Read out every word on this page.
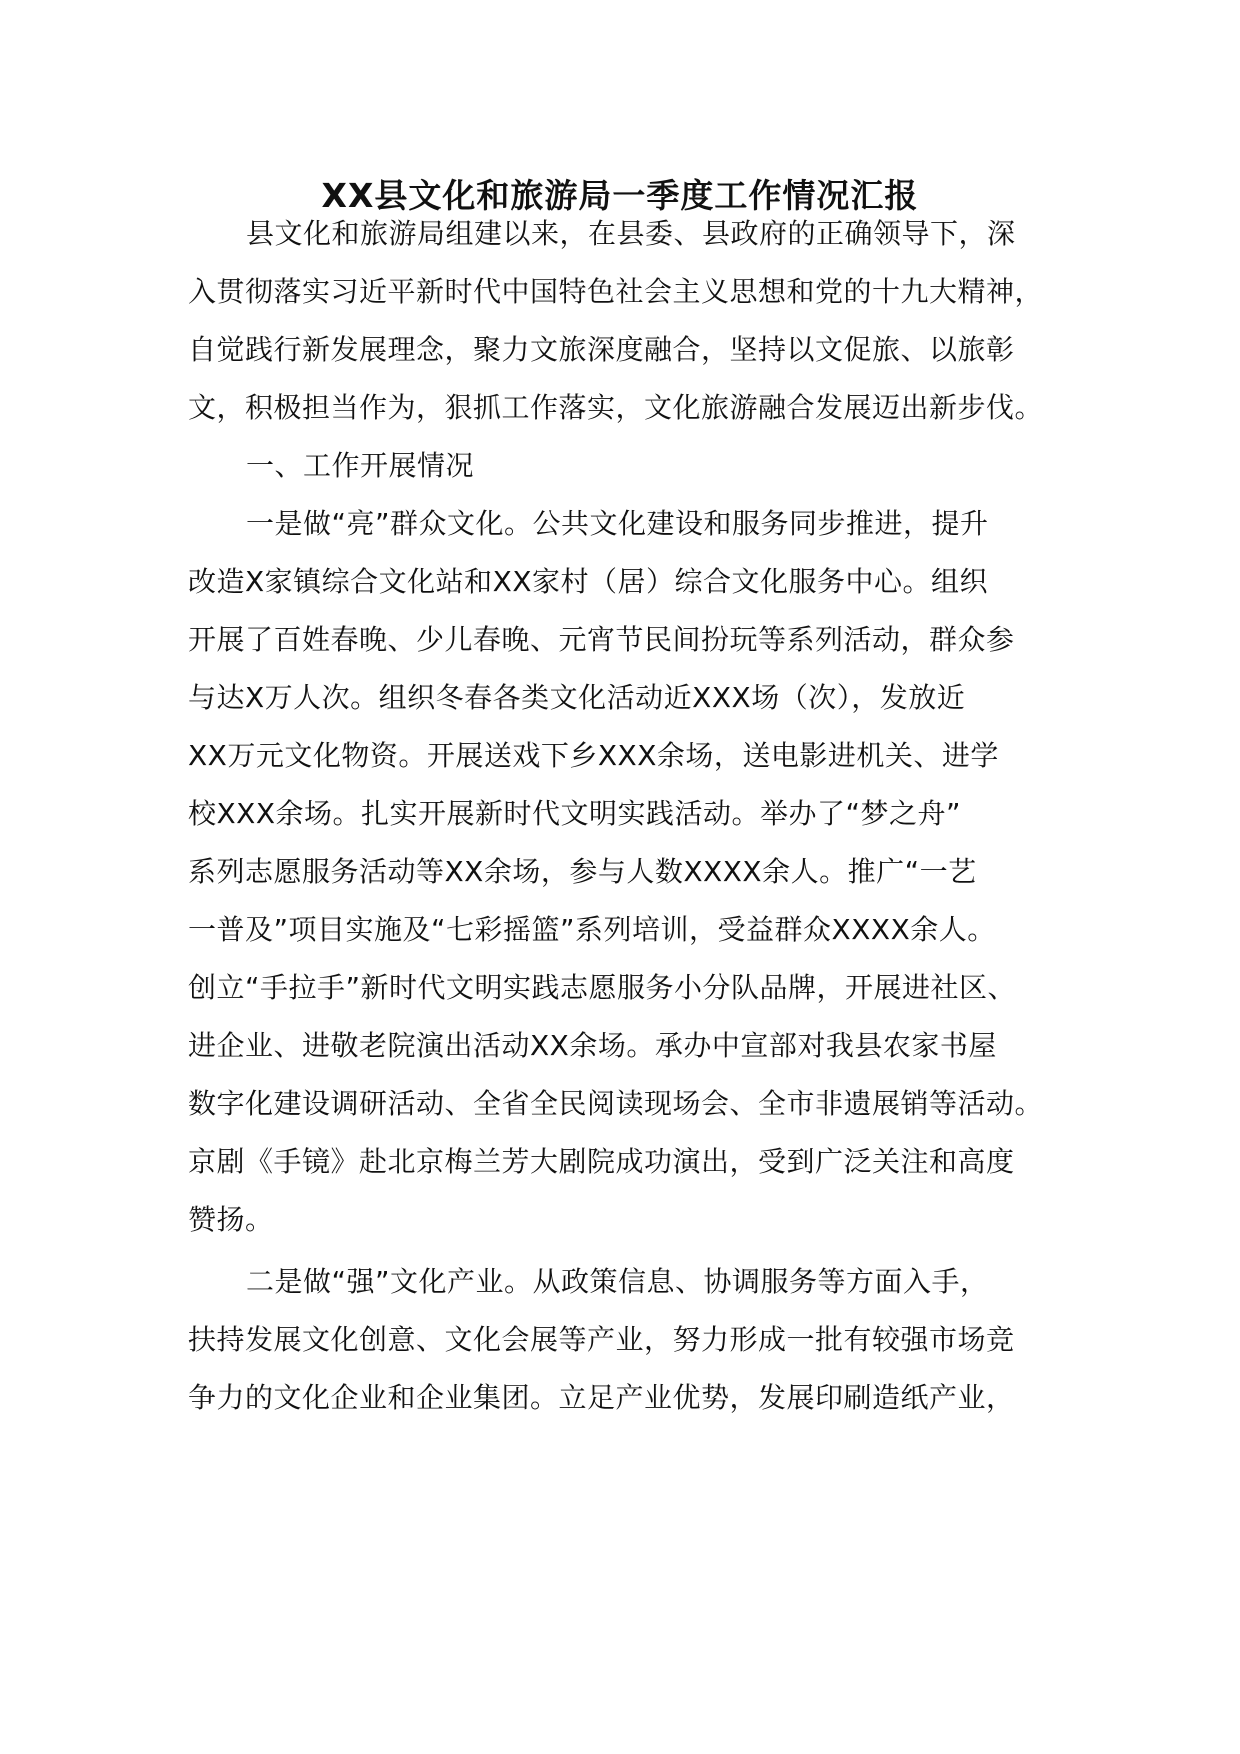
XX县文化和旅游局一季度工作情况汇报
县文化和旅游局组建以来，在县委、县政府的正确领导下，深
入贯彻落实习近平新时代中国特色社会主义思想和党的十九大精神，
自觉践行新发展理念，聚力文旅深度融合，坚持以文促旅、以旅彰
文，积极担当作为，狠抓工作落实，文化旅游融合发展迈出新步伐。
一、工作开展情况
一是做“亮”群众文化。公共文化建设和服务同步推进，提升
改造X家镇综合文化站和XX家村（居）综合文化服务中心。组织
开展了百姓春晚、少儿春晚、元宵节民间扮玩等系列活动，群众参
与达X万人次。组织冬春各类文化活动近XXX场（次），发放近
XX万元文化物资。开展送戏下乡XXX余场，送电影进机关、进学
校XXX余场。扎实开展新时代文明实践活动。举办了“梦之舟”
系列志愿服务活动等XX余场，参与人数XXXX余人。推广“一艺
一普及”项目实施及“七彩摇篮”系列培训，受益群众XXXX余人。
创立“手拉手”新时代文明实践志愿服务小分队品牌，开展进社区、
进企业、进敬老院演出活动XX余场。承办中宣部对我县农家书屋
数字化建设调研活动、全省全民阅读现场会、全市非遗展销等活动。
京剧《手镜》赴北京梅兰芳大剧院成功演出，受到广泛关注和高度
赞扬。
二是做“强”文化产业。从政策信息、协调服务等方面入手，
扶持发展文化创意、文化会展等产业，努力形成一批有较强市场竞
争力的文化企业和企业集团。立足产业优势，发展印刷造纸产业，
